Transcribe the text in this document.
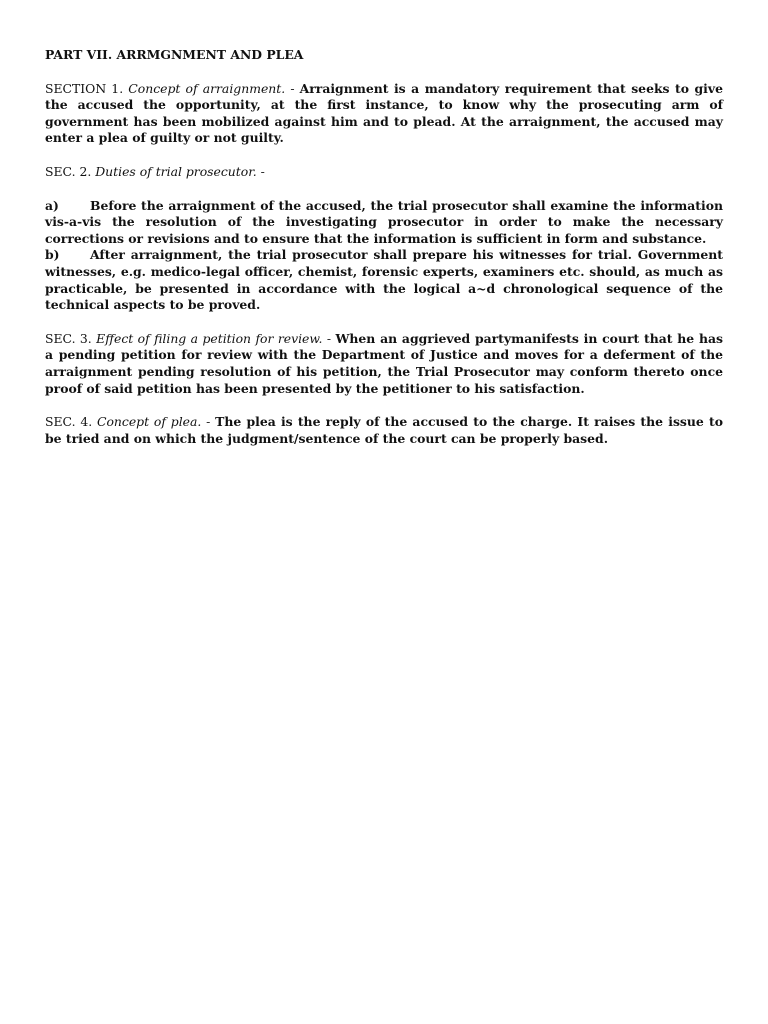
PART VII. ARRMGNMENT AND PLEA

SECTION 1. Concept of arraignment. - Arraignment is a mandatory requirement that seeks to give the accused the opportunity, at the first instance, to know why the prosecuting arm of government has been mobilized against him and to plead. At the arraignment, the accused may enter a plea of guilty or not guilty.

SEC. 2. Duties of trial prosecutor. -

a)	Before the arraignment of the accused, the trial prosecutor shall examine the information vis-a-vis the resolution of the investigating prosecutor in order to make the necessary corrections or revisions and to ensure that the information is sufficient in form and substance.

b) After arraignment, the trial prosecutor shall prepare his witnesses for trial. Government witnesses, e.g. medico-legal officer, chemist, forensic experts, examiners etc. should, as much as practicable, be presented in accordance with the logical a~d chronological sequence of the technical aspects to be proved.

SEC. 3. Effect of filing a petition for review. - When an aggrieved partymanifests in court that he has a pending petition for review with the Department of Justice and moves for a deferment of the arraignment pending resolution of his petition, the Trial Prosecutor may conform thereto once proof of said petition has been presented by the petitioner to his satisfaction.

SEC. 4. Concept of plea. - The plea is the reply of the accused to the charge. It raises the issue to be tried and on which the judgment/sentence of the court can be properly based.
